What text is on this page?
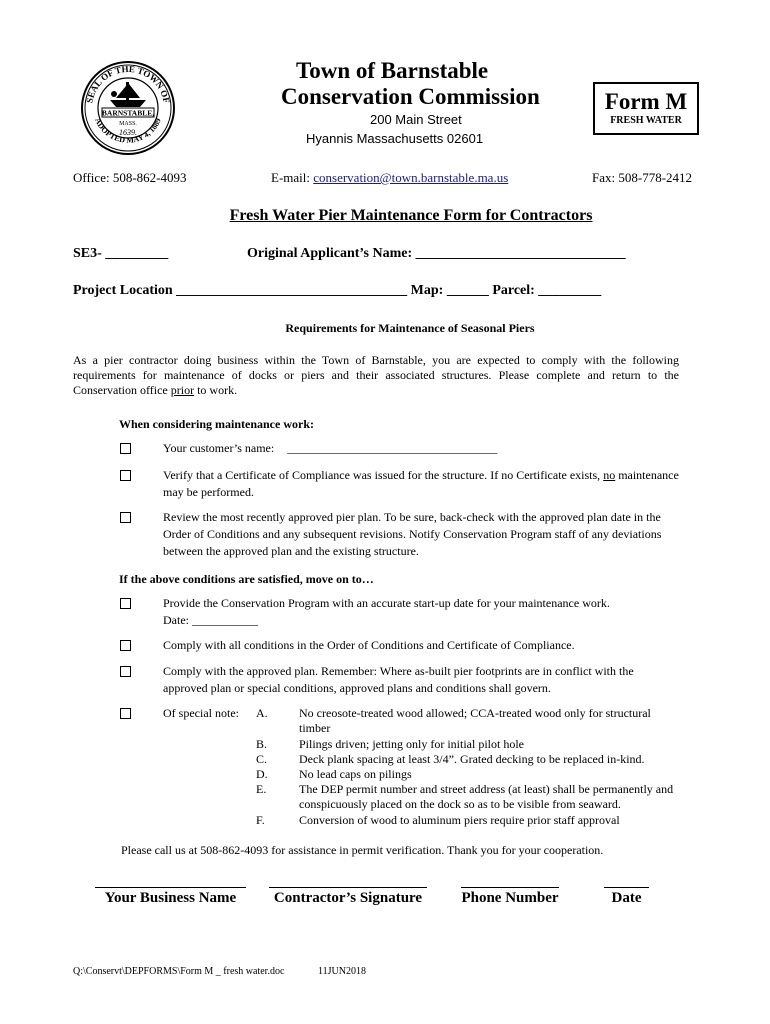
SEAL OF THE TOWN OF
ADOPTED MAY 4, 1889
BARNSTABLE,
MASS.
1639.
Town of Barnstable
Conservation Commission
200 Main Street
Hyannis Massachusetts 02601
Form M
FRESH WATER
Office: 508-862-4093	E-mail: conservation@town.barnstable.ma.us	Fax: 508-778-2412
Fresh Water Pier Maintenance Form for Contractors
SE3- _________	Original Applicant’s Name: ______________________________
Project Location _________________________________ Map: ______ Parcel: _________
Requirements for Maintenance of Seasonal Piers
As a pier contractor doing business within the Town of Barnstable, you are expected to comply with the following requirements for maintenance of docks or piers and their associated structures. Please complete and return to the Conservation office prior to work.
When considering maintenance work:
Your customer’s name: ___________________________________
Verify that a Certificate of Compliance was issued for the structure. If no Certificate exists, no maintenance may be performed.
Review the most recently approved pier plan. To be sure, back-check with the approved plan date in the Order of Conditions and any subsequent revisions. Notify Conservation Program staff of any deviations between the approved plan and the existing structure.
If the above conditions are satisfied, move on to…
Provide the Conservation Program with an accurate start-up date for your maintenance work.
Date: ___________
Comply with all conditions in the Order of Conditions and Certificate of Compliance.
Comply with the approved plan. Remember: Where as-built pier footprints are in conflict with the approved plan or special conditions, approved plans and conditions shall govern.
Of special note: A.	No creosote-treated wood allowed; CCA-treated wood only for structural timber
B.	Pilings driven; jetting only for initial pilot hole
C.	Deck plank spacing at least 3/4”. Grated decking to be replaced in-kind.
D.	No lead caps on pilings
E.	The DEP permit number and street address (at least) shall be permanently and conspicuously placed on the dock so as to be visible from seaward.
F.	Conversion of wood to aluminum piers require prior staff approval
Please call us at 508-862-4093 for assistance in permit verification. Thank you for your cooperation.
Your Business Name	Contractor’s Signature	Phone Number	Date
Q:\Conservt\DEPFORMS\Form M _ fresh water.doc	11JUN2018
